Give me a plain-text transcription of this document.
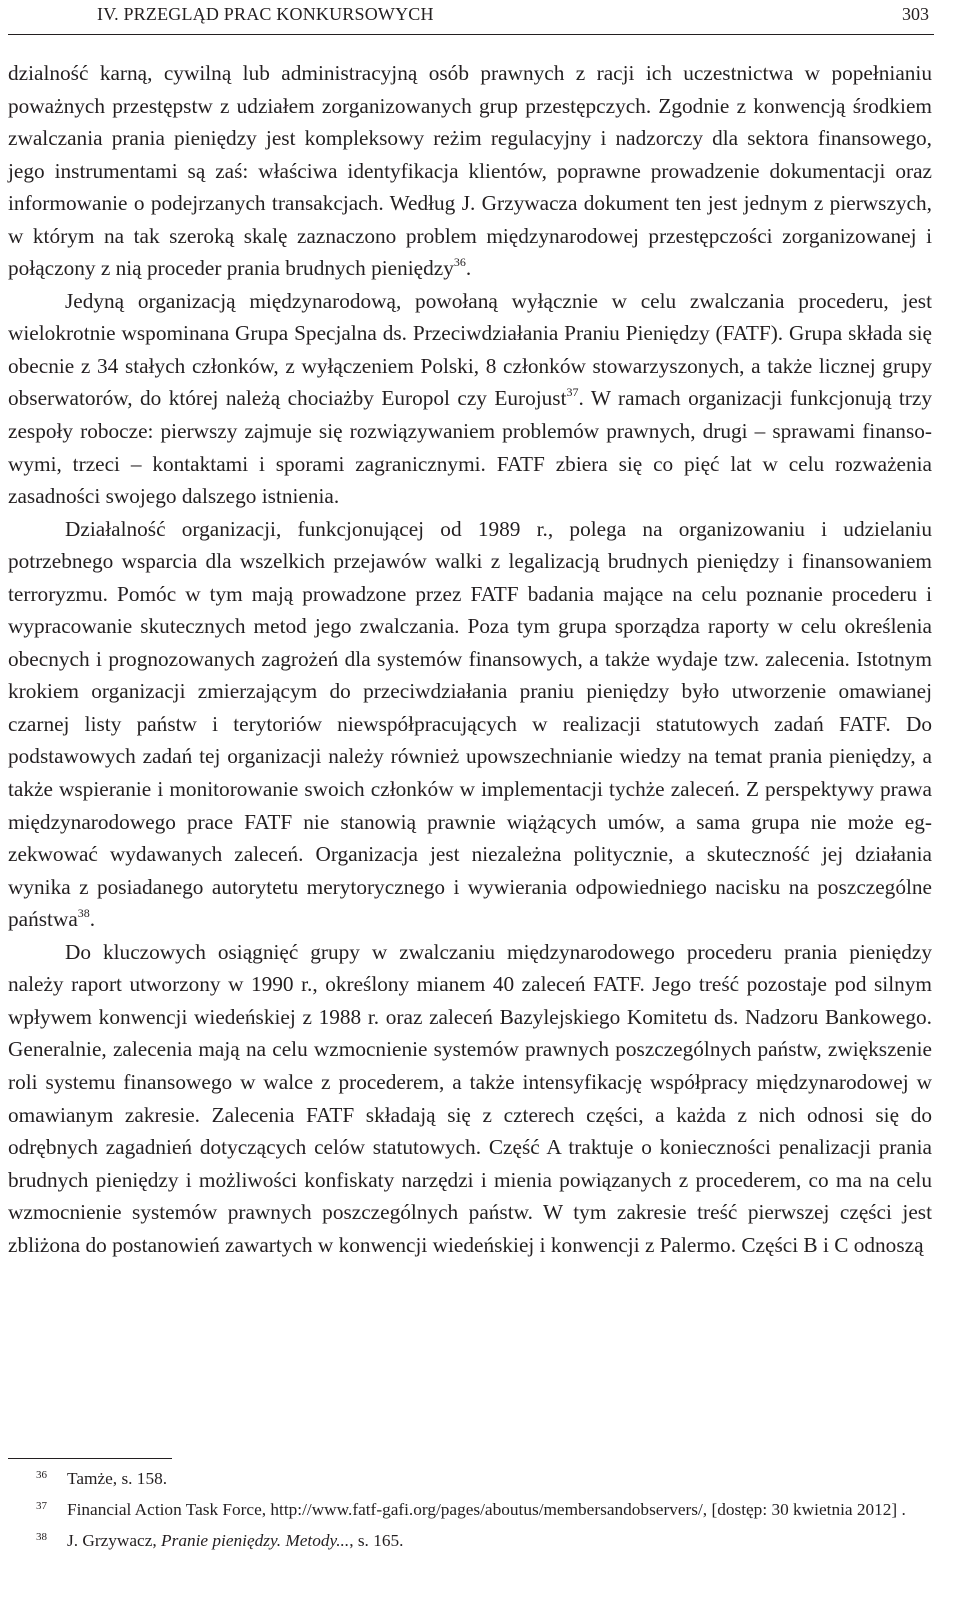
IV. PRZEGLĄD PRAC KONKURSOWYCH	303

dzialność karną, cywilną lub administracyjną osób prawnych z racji ich uczestnictwa w popełnianiu poważnych przestępstw z udziałem zorganizowanych grup przestępczych. Zgodnie z konwencją środkiem zwalczania prania pieniędzy jest kompleksowy reżim regulacyjny i nadzorczy dla sektora finansowego, jego instrumentami są zaś: właściwa identyfikacja klientów, poprawne prowadzenie dokumentacji oraz informowanie o podejrzanych transakcjach. Według J. Grzywacza dokument ten jest jednym z pierwszych, w którym na tak szeroką skalę zaznaczono problem międzynarodowej przestępczości zorganizowanej i połączony z nią proceder prania brudnych pieniędzy$^{36}$.

Jedyną organizacją międzynarodową, powołaną wyłącznie w celu zwalczania procederu, jest wielokrotnie wspominana Grupa Specjalna ds. Przeciwdziałania Praniu Pieniędzy (FATF). Grupa składa się obecnie z 34 stałych członków, z wyłączeniem Polski, 8 członków stowarzyszonych, a także licznej grupy obserwatorów, do której należą chociażby Europol czy Eurojust$^{37}$. W ramach organizacji funkcjonują trzy zespoły robocze: pierwszy zajmuje się rozwiązywaniem problemów prawnych, drugi – sprawami finansowymi, trzeci – kontaktami i sporami zagranicznymi. FATF zbiera się co pięć lat w celu rozważenia zasadności swojego dalszego istnienia.

Działalność organizacji, funkcjonującej od 1989 r., polega na organizowaniu i udzielaniu potrzebnego wsparcia dla wszelkich przejawów walki z legalizacją brudnych pieniędzy i finansowaniem terroryzmu. Pomóc w tym mają prowadzone przez FATF badania mające na celu poznanie procederu i wypracowanie skutecznych metod jego zwalczania. Poza tym grupa sporządza raporty w celu określenia obecnych i prognozowanych zagrożeń dla systemów finansowych, a także wydaje tzw. zalecenia. Istotnym krokiem organizacji zmierzającym do przeciwdziałania praniu pieniędzy było utworzenie omawianej czarnej listy państw i terytoriów niewspółpracujących w realizacji statutowych zadań FATF. Do podstawowych zadań tej organizacji należy również upowszechnianie wiedzy na temat prania pieniędzy, a także wspieranie i monitorowanie swoich członków w implementacji tychże zaleceń. Z perspektywy prawa międzynarodowego prace FATF nie stanowią prawnie wiążących umów, a sama grupa nie może egzekwować wydawanych zaleceń. Organizacja jest niezależna politycznie, a skuteczność jej działania wynika z posiadanego autorytetu merytorycznego i wywierania odpowiedniego nacisku na poszczególne państwa$^{38}$.

Do kluczowych osiągnięć grupy w zwalczaniu międzynarodowego procederu prania pieniędzy należy raport utworzony w 1990 r., określony mianem 40 zaleceń FATF. Jego treść pozostaje pod silnym wpływem konwencji wiedeńskiej z 1988 r. oraz zaleceń Bazylejskiego Komitetu ds. Nadzoru Bankowego. Generalnie, zalecenia mają na celu wzmocnienie systemów prawnych poszczególnych państw, zwiększenie roli systemu finansowego w walce z procederem, a także intensyfikację współpracy międzynarodowej w omawianym zakresie. Zalecenia FATF składają się z czterech części, a każda z nich odnosi się do odrębnych zagadnień dotyczących celów statutowych. Część A traktuje o konieczności penalizacji prania brudnych pieniędzy i możliwości konfiskaty narzędzi i mienia powiązanych z procederem, co ma na celu wzmocnienie systemów prawnych poszczególnych państw. W tym zakresie treść pierwszej części jest zbliżona do postanowień zawartych w konwencji wiedeńskiej i konwencji z Palermo. Części B i C odnoszą

36 Tamże, s. 158.

37 Financial Action Task Force, http://www.fatf-gafi.org/pages/aboutus/membersandobservers/, [dostęp: 30 kwietnia 2012] .

38 J. Grzywacz, Pranie pieniędzy. Metody..., s. 165.
